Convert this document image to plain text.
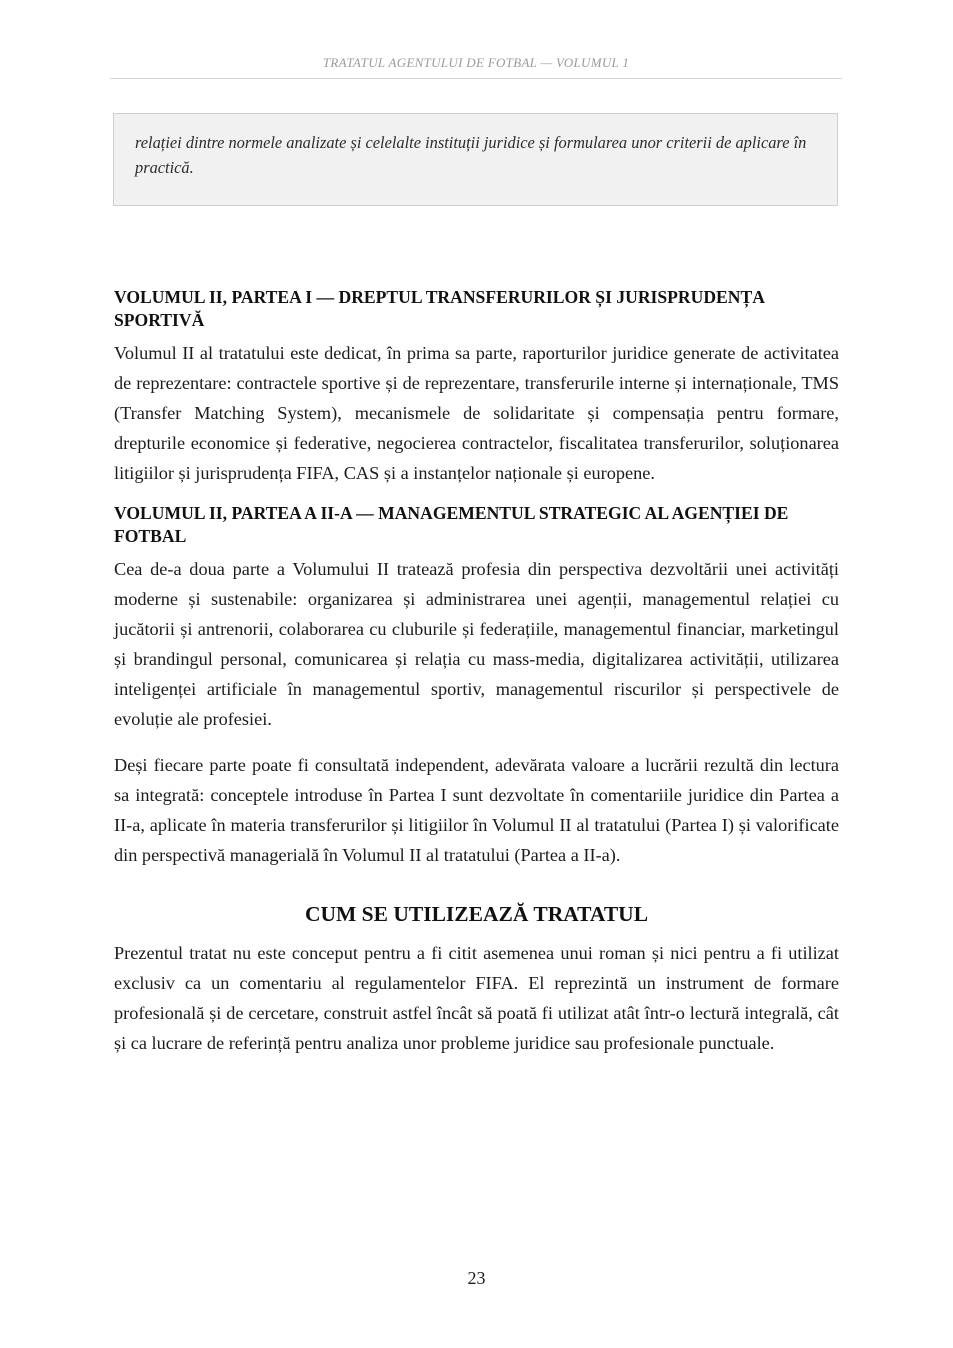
TRATATUL AGENTULUI DE FOTBAL — VOLUMUL 1

relației dintre normele analizate și celelalte instituții juridice și formularea unor criterii de aplicare în practică.

VOLUMUL II, PARTEA I — DREPTUL TRANSFERURILOR ȘI JURISPRUDENȚA SPORTIVĂ

Volumul II al tratatului este dedicat, în prima sa parte, raporturilor juridice generate de activitatea de reprezentare: contractele sportive și de reprezentare, transferurile interne și internaționale, TMS (Transfer Matching System), mecanismele de solidaritate și compensația pentru formare, drepturile economice și federative, negocierea contractelor, fiscalitatea transferurilor, soluționarea litigiilor și jurisprudența FIFA, CAS și a instanțelor naționale și europene.

VOLUMUL II, PARTEA A II-A — MANAGEMENTUL STRATEGIC AL AGENȚIEI DE FOTBAL

Cea de-a doua parte a Volumului II tratează profesia din perspectiva dezvoltării unei activități moderne și sustenabile: organizarea și administrarea unei agenții, managementul relației cu jucătorii și antrenorii, colaborarea cu cluburile și federațiile, managementul financiar, marketingul și brandingul personal, comunicarea și relația cu mass-media, digitalizarea activității, utilizarea inteligenței artificiale în managementul sportiv, managementul riscurilor și perspectivele de evoluție ale profesiei.

Deși fiecare parte poate fi consultată independent, adevărata valoare a lucrării rezultă din lectura sa integrată: conceptele introduse în Partea I sunt dezvoltate în comentariile juridice din Partea a II-a, aplicate în materia transferurilor și litigiilor în Volumul II al tratatului (Partea I) și valorificate din perspectivă managerială în Volumul II al tratatului (Partea a II-a).

CUM SE UTILIZEAZĂ TRATATUL

Prezentul tratat nu este conceput pentru a fi citit asemenea unui roman și nici pentru a fi utilizat exclusiv ca un comentariu al regulamentelor FIFA. El reprezintă un instrument de formare profesională și de cercetare, construit astfel încât să poată fi utilizat atât într-o lectură integrală, cât și ca lucrare de referință pentru analiza unor probleme juridice sau profesionale punctuale.

23
